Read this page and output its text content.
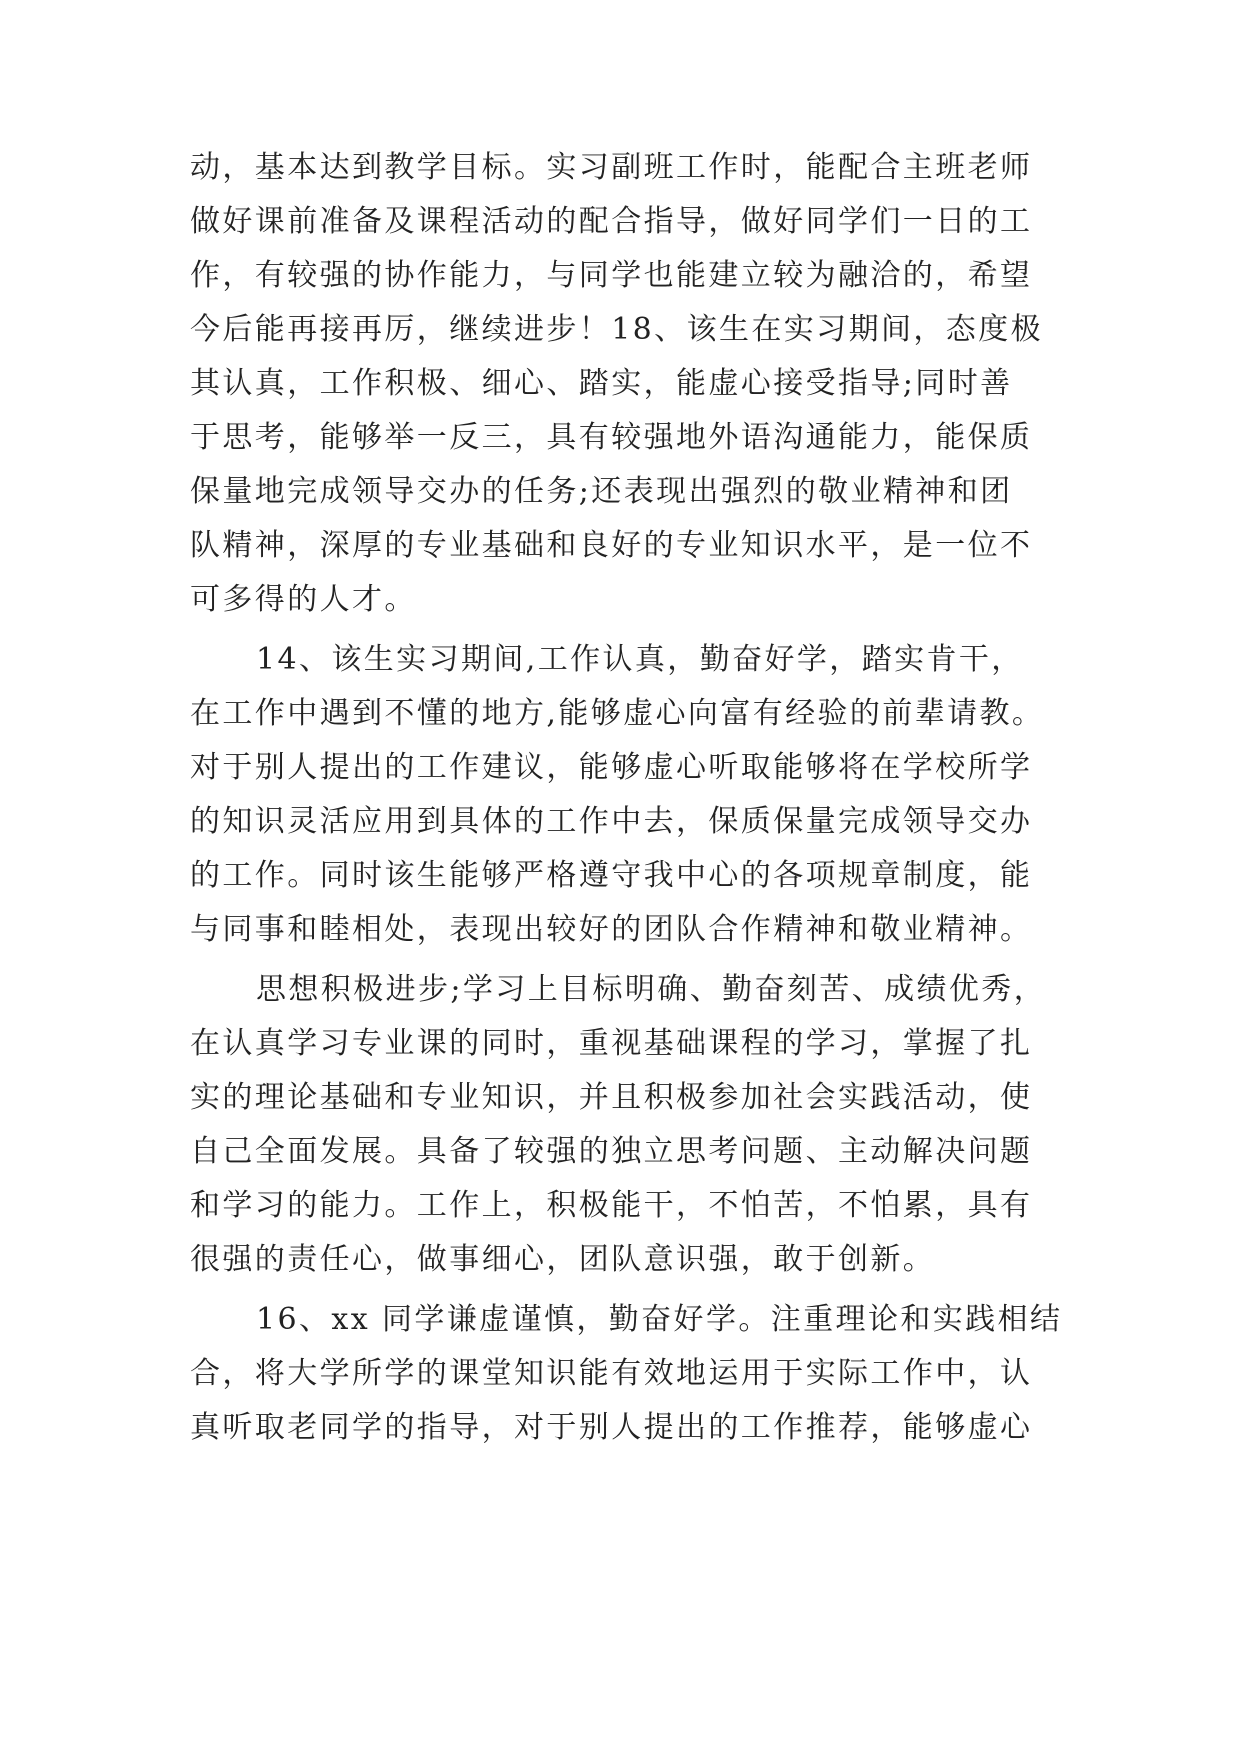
动，基本达到教学目标。实习副班工作时，能配合主班老师
做好课前准备及课程活动的配合指导，做好同学们一日的工
作，有较强的协作能力，与同学也能建立较为融洽的，希望
今后能再接再厉，继续进步！18、该生在实习期间，态度极
其认真，工作积极、细心、踏实，能虚心接受指导;同时善
于思考，能够举一反三，具有较强地外语沟通能力，能保质
保量地完成领导交办的任务;还表现出强烈的敬业精神和团
队精神，深厚的专业基础和良好的专业知识水平，是一位不
可多得的人才。
14、该生实习期间,工作认真，勤奋好学，踏实肯干，
在工作中遇到不懂的地方,能够虚心向富有经验的前辈请教。
对于别人提出的工作建议，能够虚心听取能够将在学校所学
的知识灵活应用到具体的工作中去，保质保量完成领导交办
的工作。同时该生能够严格遵守我中心的各项规章制度，能
与同事和睦相处，表现出较好的团队合作精神和敬业精神。
思想积极进步;学习上目标明确、勤奋刻苦、成绩优秀，
在认真学习专业课的同时，重视基础课程的学习，掌握了扎
实的理论基础和专业知识，并且积极参加社会实践活动，使
自己全面发展。具备了较强的独立思考问题、主动解决问题
和学习的能力。工作上，积极能干，不怕苦，不怕累，具有
很强的责任心，做事细心，团队意识强，敢于创新。
16、xx 同学谦虚谨慎，勤奋好学。注重理论和实践相结
合，将大学所学的课堂知识能有效地运用于实际工作中，认
真听取老同学的指导，对于别人提出的工作推荐，能够虚心
